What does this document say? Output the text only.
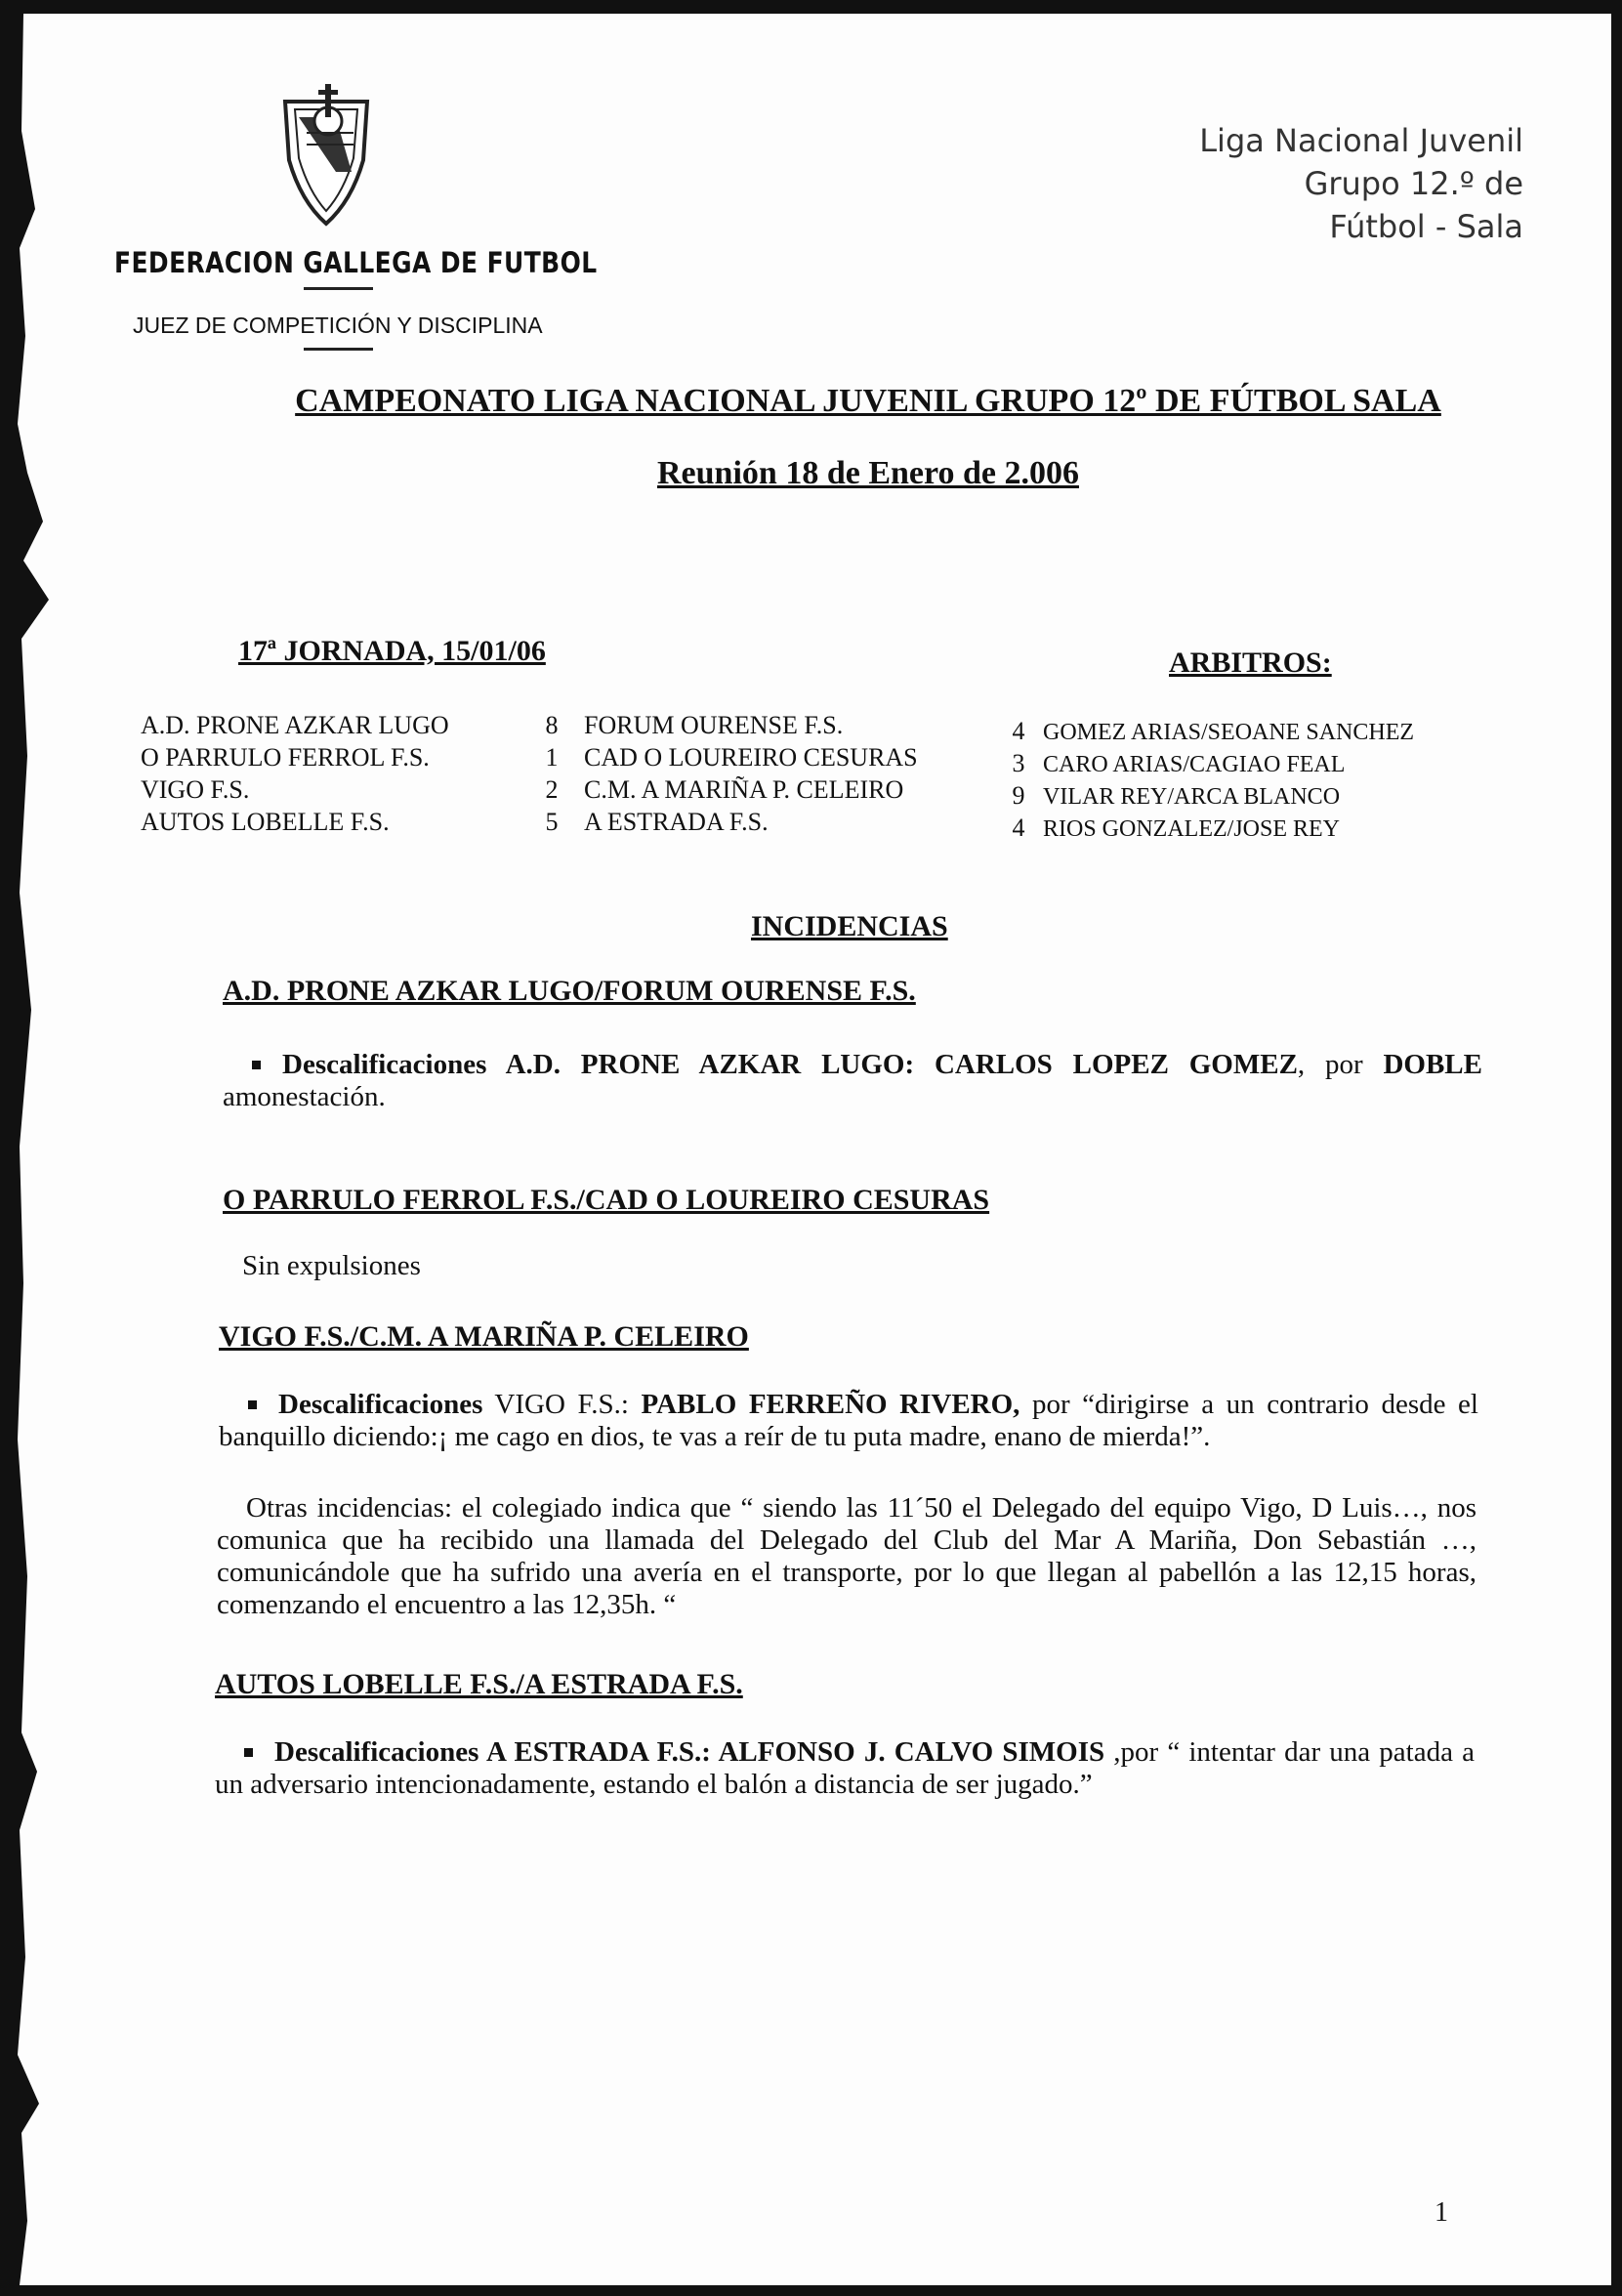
FEDERACION GALLEGA DE FUTBOL
JUEZ DE COMPETICIÓN Y DISCIPLINA
Liga Nacional Juvenil
Grupo 12.º de
Fútbol - Sala
CAMPEONATO LIGA NACIONAL JUVENIL GRUPO 12º DE FÚTBOL SALA
Reunión 18 de Enero de 2.006
17ª JORNADA, 15/01/06	ARBITROS:
A.D. PRONE AZKAR LUGO
O PARRULO FERROL F.S.
VIGO F.S.
AUTOS LOBELLE F.S.
8
1
2
5
FORUM OURENSE F.S.
CAD O LOUREIRO CESURAS
C.M. A MARIÑA P. CELEIRO
A ESTRADA F.S.
4
3
9
4
GOMEZ ARIAS/SEOANE SANCHEZ
CARO ARIAS/CAGIAO FEAL
VILAR REY/ARCA BLANCO
RIOS GONZALEZ/JOSE REY
INCIDENCIAS
A.D. PRONE AZKAR LUGO/FORUM OURENSE F.S.
Descalificaciones A.D. PRONE AZKAR LUGO: CARLOS LOPEZ GOMEZ, por DOBLE amonestación.
O PARRULO FERROL F.S./CAD O LOUREIRO CESURAS
Sin expulsiones
VIGO F.S./C.M. A MARIÑA P. CELEIRO
Descalificaciones VIGO F.S.: PABLO FERREÑO RIVERO, por “dirigirse a un contrario desde el banquillo diciendo:¡ me cago en dios, te vas a reír de tu puta madre, enano de mierda!”.
Otras incidencias: el colegiado indica que “ siendo las 11´50 el Delegado del equipo Vigo, D Luis…, nos comunica que ha recibido una llamada del Delegado del Club del Mar A Mariña, Don Sebastián …, comunicándole que ha sufrido una avería en el transporte, por lo que llegan al pabellón a las 12,15 horas, comenzando el encuentro a las 12,35h. “
AUTOS LOBELLE F.S./A ESTRADA F.S.
Descalificaciones A ESTRADA F.S.: ALFONSO J. CALVO SIMOIS ,por “ intentar dar una patada a un adversario intencionadamente, estando el balón a distancia de ser jugado.”
1
